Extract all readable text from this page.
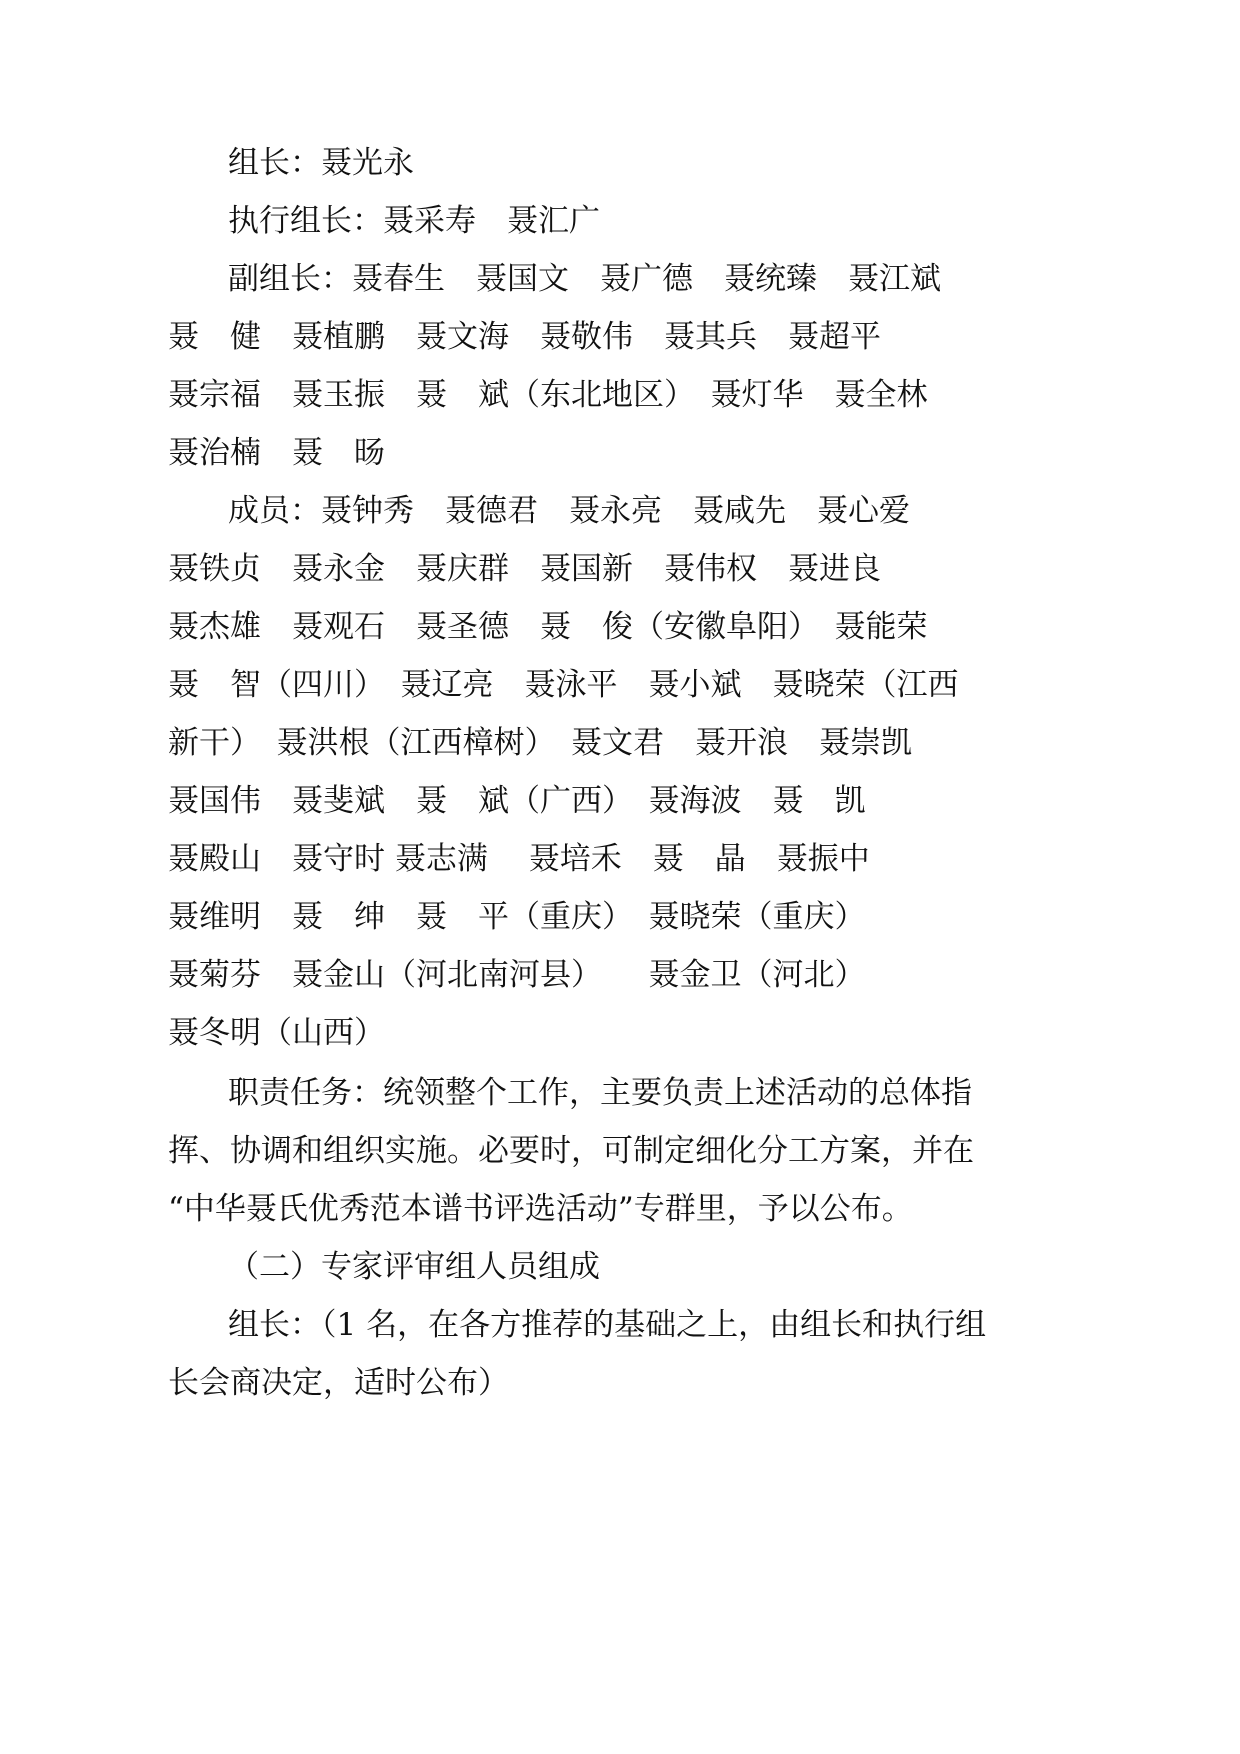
组长：聂光永
执行组长：聂采寿　聂汇广
副组长：聂春生　聂国文　聂广德　聂统臻　聂江斌
聂　健　聂植鹏　聂文海　聂敬伟　聂其兵　聂超平
聂宗福　聂玉振　聂　斌（东北地区）　聂灯华　聂全林
聂治楠　聂　旸
成员：聂钟秀　聂德君　聂永亮　聂咸先　聂心爱
聂铁贞　聂永金　聂庆群　聂国新　聂伟权　聂进良
聂杰雄　聂观石　聂圣德　聂　俊（安徽阜阳）　聂能荣
聂　智（四川）　聂辽亮　聂泳平　聂小斌　聂晓荣（江西
新干）　聂洪根（江西樟树）　聂文君　聂开浪　聂崇凯
聂国伟　聂斐斌　聂　斌（广西）　聂海波　聂　凯
聂殿山　聂守时 聂志满　 聂培禾　聂　晶　聂振中
聂维明　聂　绅　聂　平（重庆）　聂晓荣（重庆）
聂菊芬　聂金山（河北南河县）　　聂金卫（河北）
聂冬明（山西）
职责任务：统领整个工作，主要负责上述活动的总体指
挥、协调和组织实施。必要时，可制定细化分工方案，并在
“中华聂氏优秀范本谱书评选活动”专群里，予以公布。
（二）专家评审组人员组成
组长：（1 名，在各方推荐的基础之上，由组长和执行组
长会商决定，适时公布）
